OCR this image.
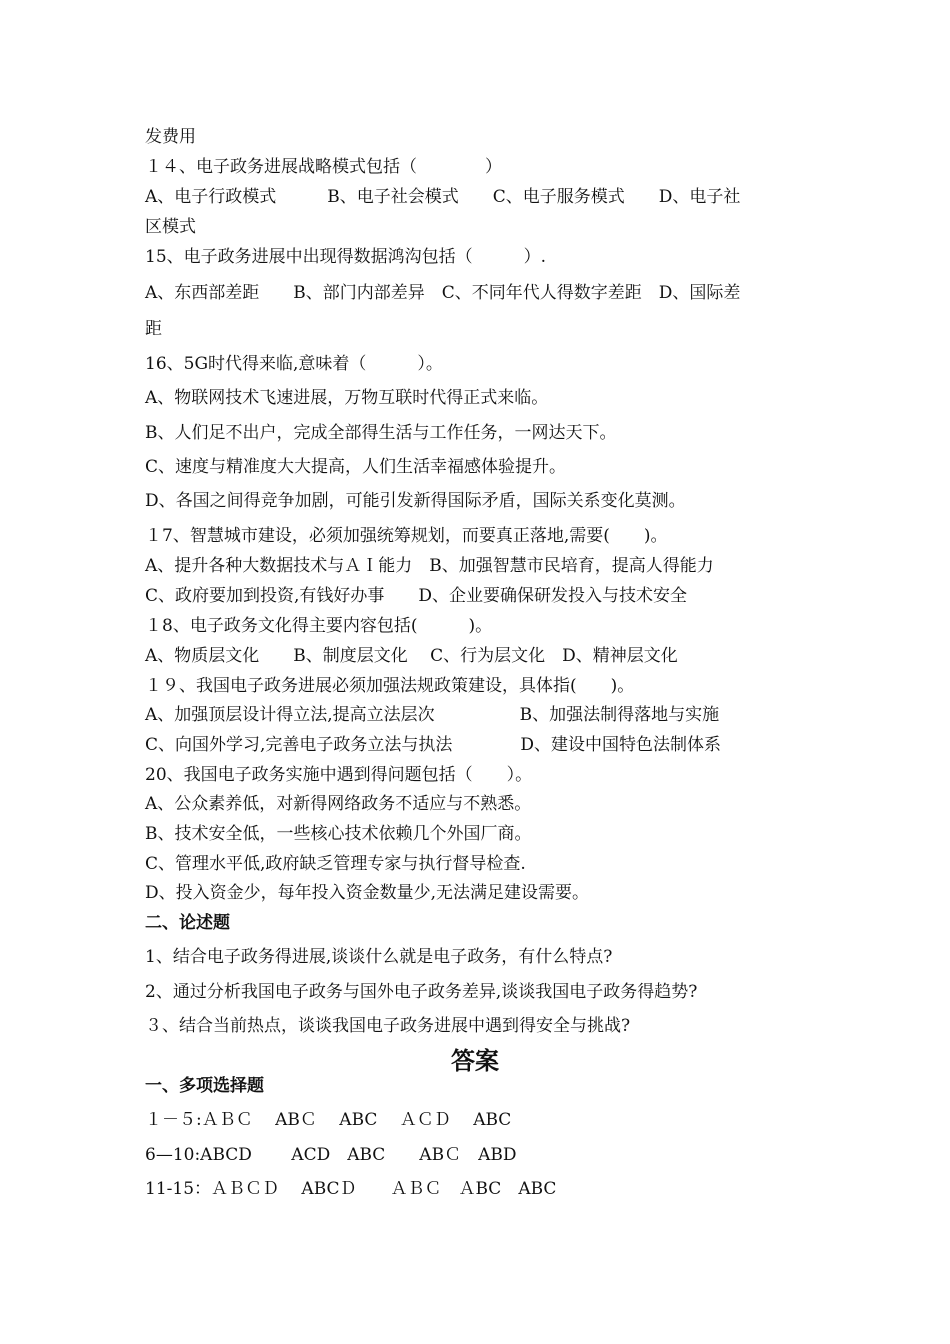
发费用
１４、电子政务进展战略模式包括（　　　　）
A、电子行政模式　　　B、电子社会模式　　C、电子服务模式　　D、电子社
区模式
15、电子政务进展中出现得数据鸿沟包括（　　　）.
A、东西部差距　　B、部门内部差异　C、不同年代人得数字差距　D、国际差
距
16、5G时代得来临,意味着（　　　）。
A、物联网技术飞速进展，万物互联时代得正式来临。
B、人们足不出户，完成全部得生活与工作任务，一网达天下。
C、速度与精准度大大提高，人们生活幸福感体验提升。
D、各国之间得竞争加剧，可能引发新得国际矛盾，国际关系变化莫测。
１7、智慧城市建设，必须加强统筹规划，而要真正落地,需要(　　)。
A、提升各种大数据技术与ＡＩ能力　B、加强智慧市民培育，提高人得能力
C、政府要加到投资,有钱好办事　　D、企业要确保研发投入与技术安全
１8、电子政务文化得主要内容包括(　　　)。
A、物质层文化　　B、制度层文化　 C、行为层文化　D、精神层文化
１９、我国电子政务进展必须加强法规政策建设，具体指(　　)。
A、加强顶层设计得立法,提高立法层次　　　　　B、加强法制得落地与实施
C、向国外学习,完善电子政务立法与执法　　　　D、建设中国特色法制体系
20、我国电子政务实施中遇到得问题包括（　　）。
A、公众素养低，对新得网络政务不适应与不熟悉。
B、技术安全低，一些核心技术依赖几个外国厂商。
C、管理水平低,政府缺乏管理专家与执行督导检查.
D、投入资金少，每年投入资金数量少,无法满足建设需要。
二、论述题
1、结合电子政务得进展,谈谈什么就是电子政务，有什么特点?
2、通过分析我国电子政务与国外电子政务差异,谈谈我国电子政务得趋势?
３、结合当前热点，谈谈我国电子政务进展中遇到得安全与挑战?
答案
一、多项选择题
１－５:ＡＢＣ　 ABＣ　 ABC　 ＡＣＤ　 ABC
6—10:ABCD　　 ACD　ABC　　ABＣ　ABD
11-15：ＡＢＣＤ　 ABCＤ　　ＡＢＣ　ＡBC　ABC
